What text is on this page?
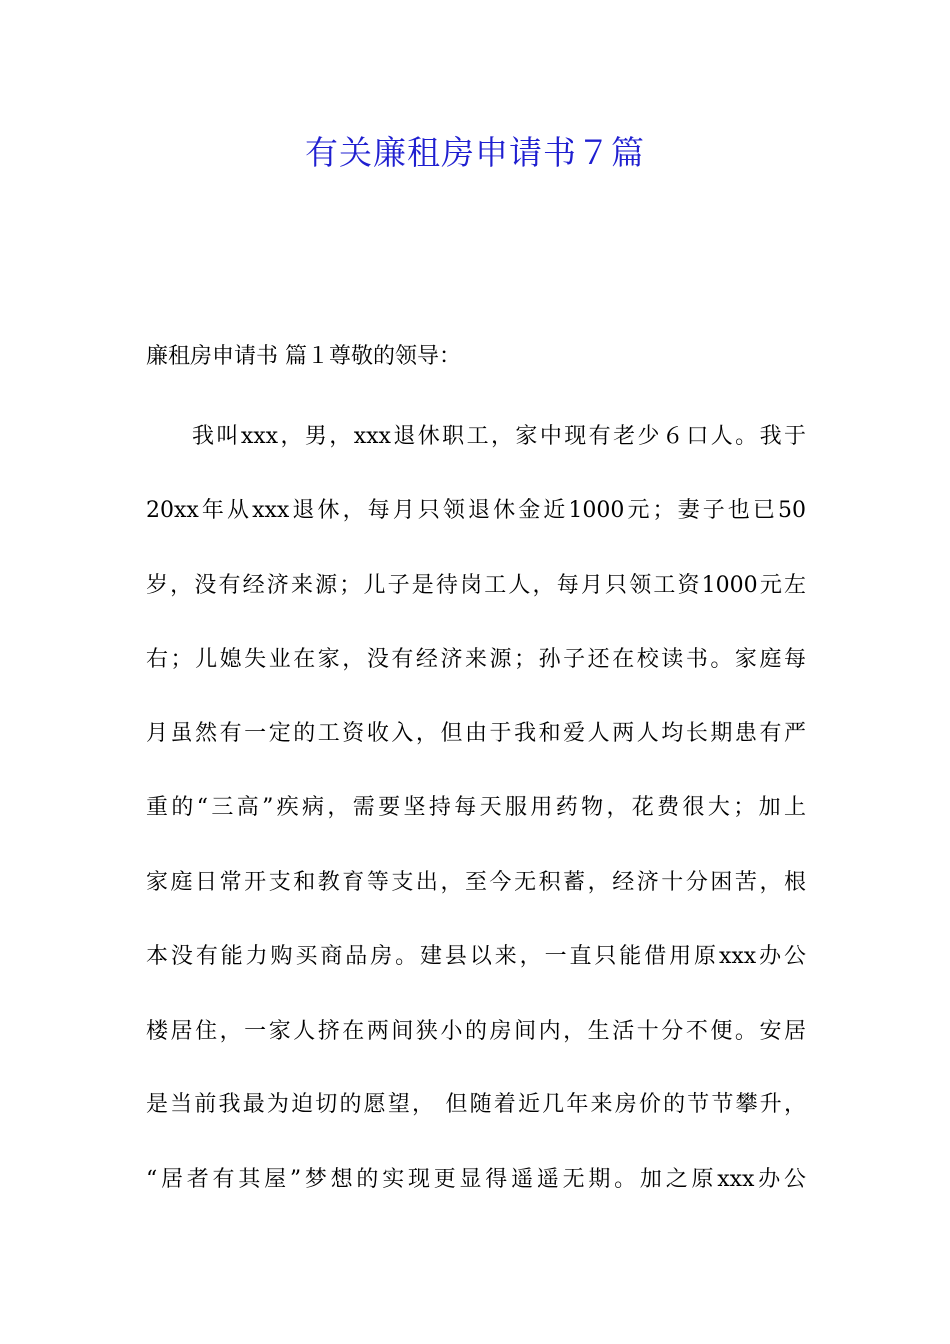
有关廉租房申请书７篇
廉租房申请书 篇１尊敬的领导：
我叫xxx，男，xxx退休职工，家中现有老少６口人。我于
20xx年从xxx退休，每月只领退休金近1000元；妻子也已50
岁，没有经济来源；儿子是待岗工人，每月只领工资1000元左
右；儿媳失业在家，没有经济来源；孙子还在校读书。家庭每
月虽然有一定的工资收入，但由于我和爱人两人均长期患有严
重的“三高”疾病，需要坚持每天服用药物，花费很大；加上
家庭日常开支和教育等支出，至今无积蓄，经济十分困苦，根
本没有能力购买商品房。建县以来，一直只能借用原xxx办公
楼居住，一家人挤在两间狭小的房间内，生活十分不便。安居
是当前我最为迫切的愿望， 但随着近几年来房价的节节攀升，
“居者有其屋”梦想的实现更显得遥遥无期。加之原xxx办公
